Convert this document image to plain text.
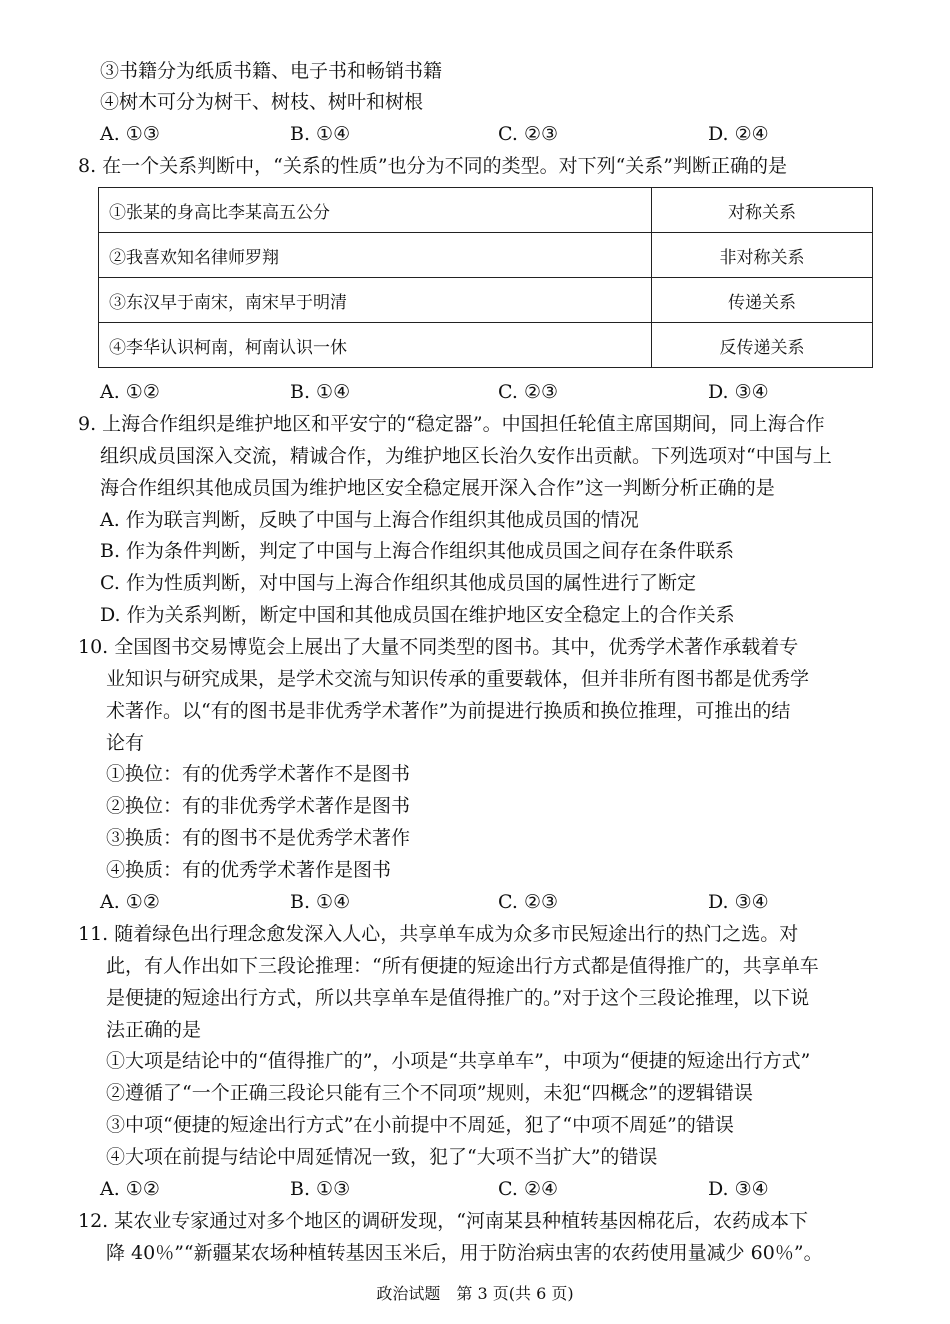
③书籍分为纸质书籍、电子书和畅销书籍
④树木可分为树干、树枝、树叶和树根
A. ①③	B. ①④	C. ②③	D. ②④
8. 在一个关系判断中，“关系的性质”也分为不同的类型。对下列“关系”判断正确的是
①张某的身高比李某高五公分	对称关系
②我喜欢知名律师罗翔	非对称关系
③东汉早于南宋，南宋早于明清	传递关系
④李华认识柯南，柯南认识一休	反传递关系
A. ①②	B. ①④	C. ②③	D. ③④
9. 上海合作组织是维护地区和平安宁的“稳定器”。中国担任轮值主席国期间，同上海合作
组织成员国深入交流，精诚合作，为维护地区长治久安作出贡献。下列选项对“中国与上
海合作组织其他成员国为维护地区安全稳定展开深入合作”这一判断分析正确的是
A. 作为联言判断，反映了中国与上海合作组织其他成员国的情况
B. 作为条件判断，判定了中国与上海合作组织其他成员国之间存在条件联系
C. 作为性质判断，对中国与上海合作组织其他成员国的属性进行了断定
D. 作为关系判断，断定中国和其他成员国在维护地区安全稳定上的合作关系
10. 全国图书交易博览会上展出了大量不同类型的图书。其中，优秀学术著作承载着专
业知识与研究成果，是学术交流与知识传承的重要载体，但并非所有图书都是优秀学
术著作。以“有的图书是非优秀学术著作”为前提进行换质和换位推理，可推出的结
论有
①换位：有的优秀学术著作不是图书
②换位：有的非优秀学术著作是图书
③换质：有的图书不是优秀学术著作
④换质：有的优秀学术著作是图书
A. ①②	B. ①④	C. ②③	D. ③④
11. 随着绿色出行理念愈发深入人心，共享单车成为众多市民短途出行的热门之选。对
此，有人作出如下三段论推理：“所有便捷的短途出行方式都是值得推广的，共享单车
是便捷的短途出行方式，所以共享单车是值得推广的。”对于这个三段论推理，以下说
法正确的是
①大项是结论中的“值得推广的”，小项是“共享单车”，中项为“便捷的短途出行方式”
②遵循了“一个正确三段论只能有三个不同项”规则，未犯“四概念”的逻辑错误
③中项“便捷的短途出行方式”在小前提中不周延，犯了“中项不周延”的错误
④大项在前提与结论中周延情况一致，犯了“大项不当扩大”的错误
A. ①②	B. ①③	C. ②④	D. ③④
12. 某农业专家通过对多个地区的调研发现，“河南某县种植转基因棉花后，农药成本下
降 40％”“新疆某农场种植转基因玉米后，用于防治病虫害的农药使用量减少 60％”。
政治试题　第 3 页(共 6 页)
